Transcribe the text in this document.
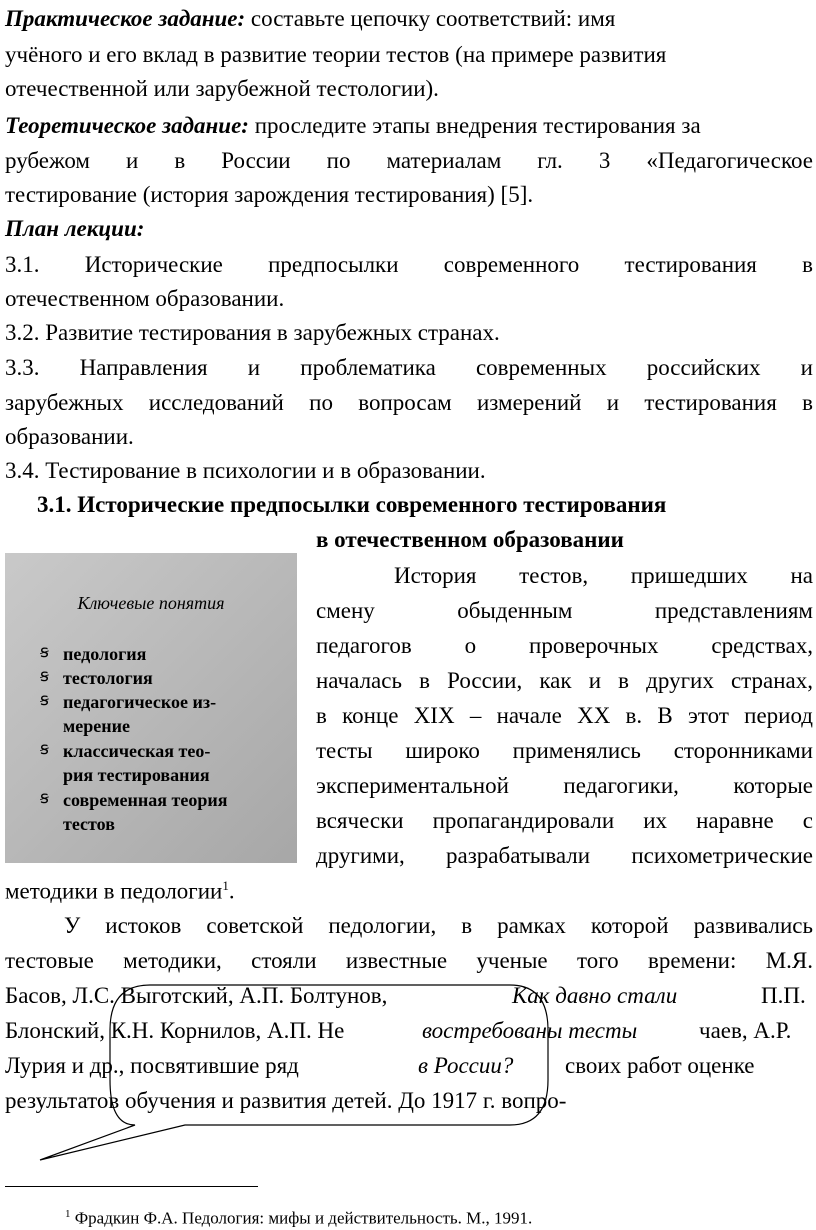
Практическое задание: составьте цепочку соответствий: имя
учёного и его вклад в развитие теории тестов (на примере развития
отечественной или зарубежной тестологии).
Теоретическое задание: проследите этапы внедрения тестирования за
рубежом и в России по материалам гл. 3 «Педагогическое
тестирование (история зарождения тестирования) [5].
План лекции:
3.1. Исторические предпосылки современного тестирования в
отечественном образовании.
3.2. Развитие тестирования в зарубежных странах.
3.3. Направления и проблематика современных российских и
зарубежных исследований по вопросам измерений и тестирования в
образовании.
3.4. Тестирование в психологии и в образовании.
3.1. Исторические предпосылки современного тестирования
в отечественном образовании
Ключевые понятия
ꞩ педология
ꞩ тестология
ꞩ педагогическое из-
мерение
ꞩ классическая тео-
рия тестирования
ꞩ современная теория
тестов
История тестов, пришедших на
смену обыденным представлениям
педагогов о проверочных средствах,
началась в России, как и в других странах,
в конце XIX – начале XX в. В этот период
тесты широко применялись сторонниками
экспериментальной педагогики, которые
всячески пропагандировали их наравне с
другими, разрабатывали психометрические
методики в педологии$^1$.
У истоков советской педологии, в рамках которой развивались
тестовые методики, стояли известные ученые того времени: М.Я.
Басов, Л.С. Выготский, А.П. Болтунов,	Как давно стали	П.П.
Блонский, К.Н. Корнилов, А.П. Не	востребованы тесты	чаев, А.Р.
Лурия и др., посвятившие ряд	в России? своих работ оценке
результатов обучения и развития детей. До 1917 г. вопро-
$^1$ Фрадкин Ф.А. Педология: мифы и действительность. М., 1991.
